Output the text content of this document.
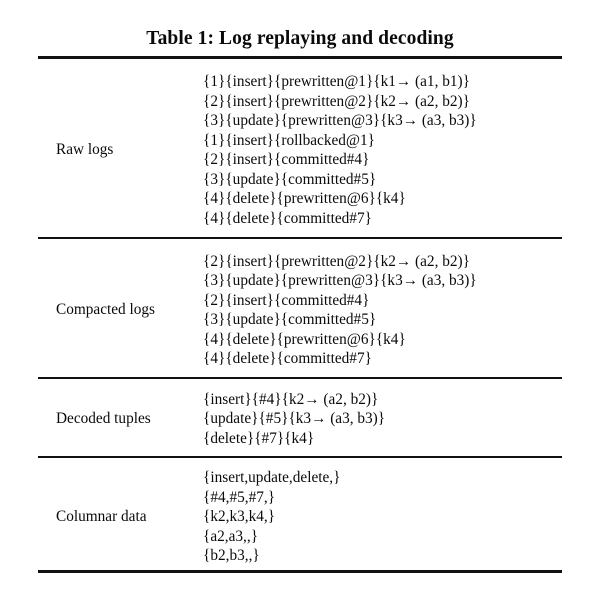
Table 1: Log replaying and decoding
Raw logs
{1}{insert}{prewritten@1}{k1→ (a1, b1)}
{2}{insert}{prewritten@2}{k2→ (a2, b2)}
{3}{update}{prewritten@3}{k3→ (a3, b3)}
{1}{insert}{rollbacked@1}
{2}{insert}{committed#4}
{3}{update}{committed#5}
{4}{delete}{prewritten@6}{k4}
{4}{delete}{committed#7}
Compacted logs
{2}{insert}{prewritten@2}{k2→ (a2, b2)}
{3}{update}{prewritten@3}{k3→ (a3, b3)}
{2}{insert}{committed#4}
{3}{update}{committed#5}
{4}{delete}{prewritten@6}{k4}
{4}{delete}{committed#7}
Decoded tuples
{insert}{#4}{k2→ (a2, b2)}
{update}{#5}{k3→ (a3, b3)}
{delete}{#7}{k4}
Columnar data
{insert,update,delete,}
{#4,#5,#7,}
{k2,k3,k4,}
{a2,a3,,}
{b2,b3,,}
